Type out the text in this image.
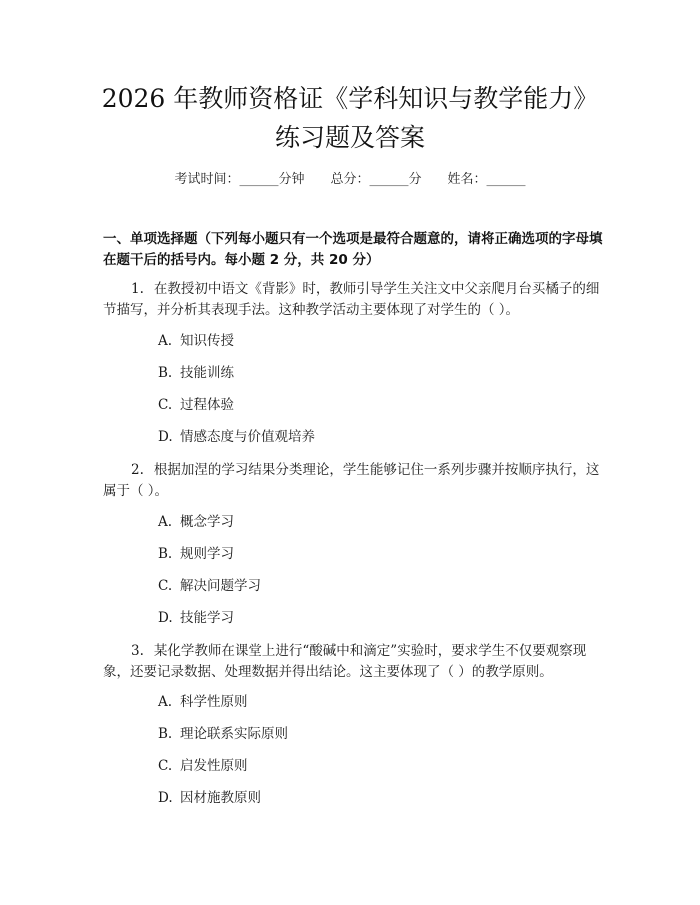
2026 年教师资格证《学科知识与教学能力》
练习题及答案
考试时间：______分钟 总分：______分 姓名：______
一、单项选择题（下列每小题只有一个选项是最符合题意的，请将正确选项的字母填在题干后的括号内。每小题 2 分，共 20 分）
1. 在教授初中语文《背影》时，教师引导学生关注文中父亲爬月台买橘子的细节描写，并分析其表现手法。这种教学活动主要体现了对学生的（ ）。
A. 知识传授
B. 技能训练
C. 过程体验
D. 情感态度与价值观培养
2. 根据加涅的学习结果分类理论，学生能够记住一系列步骤并按顺序执行，这属于（ ）。
A. 概念学习
B. 规则学习
C. 解决问题学习
D. 技能学习
3. 某化学教师在课堂上进行“酸碱中和滴定”实验时，要求学生不仅要观察现象，还要记录数据、处理数据并得出结论。这主要体现了（ ）的教学原则。
A. 科学性原则
B. 理论联系实际原则
C. 启发性原则
D. 因材施教原则
